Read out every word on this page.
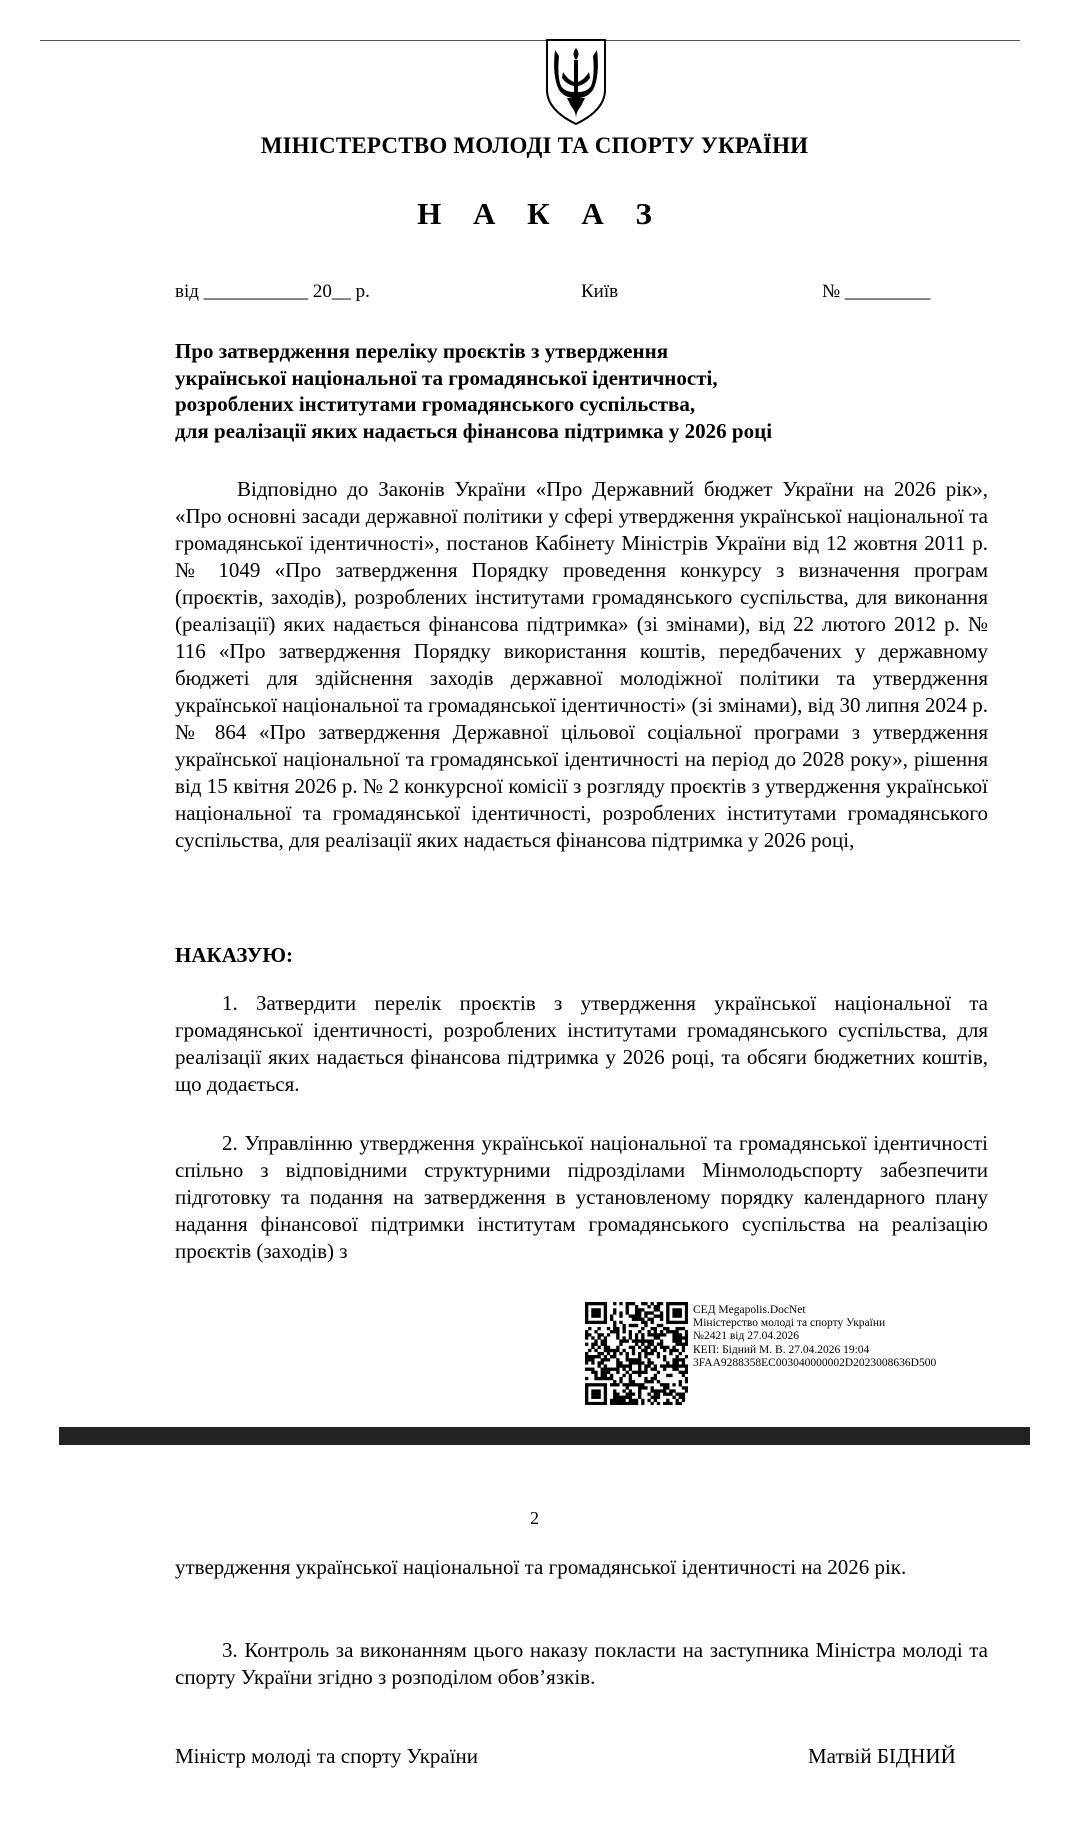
МІНІСТЕРСТВО МОЛОДІ ТА СПОРТУ УКРАЇНИ
Н А К А З
від ___________ 20__ р.	Київ	№ _________
Про затвердження переліку проєктів з утвердження
української національної та громадянської ідентичності,
розроблених інститутами громадянського суспільства,
для реалізації яких надається фінансова підтримка у 2026 році
Відповідно до Законів України «Про Державний бюджет України на 2026 рік», «Про основні засади державної політики у сфері утвердження української національної та громадянської ідентичності», постанов Кабінету Міністрів України від 12 жовтня 2011 р. № 1049 «Про затвердження Порядку проведення конкурсу з визначення програм (проєктів, заходів), розроблених інститутами громадянського суспільства, для виконання (реалізації) яких надається фінансова підтримка» (зі змінами), від 22 лютого 2012 р. № 116 «Про затвердження Порядку використання коштів, передбачених у державному бюджеті для здійснення заходів державної молодіжної політики та утвердження української національної та громадянської ідентичності» (зі змінами), від 30 липня 2024 р. № 864 «Про затвердження Державної цільової соціальної програми з утвердження української національної та громадянської ідентичності на період до 2028 року», рішення від 15 квітня 2026 р. № 2 конкурсної комісії з розгляду проєктів з утвердження української національної та громадянської ідентичності, розроблених інститутами громадянського суспільства, для реалізації яких надається фінансова підтримка у 2026 році,
НАКАЗУЮ:
1. Затвердити перелік проєктів з утвердження української національної та громадянської ідентичності, розроблених інститутами громадянського суспільства, для реалізації яких надається фінансова підтримка у 2026 році, та обсяги бюджетних коштів, що додається.
2. Управлінню утвердження української національної та громадянської ідентичності спільно з відповідними структурними підрозділами Мінмолодьспорту забезпечити підготовку та подання на затвердження в установленому порядку календарного плану надання фінансової підтримки інститутам громадянського суспільства на реалізацію проєктів (заходів) з
СЕД Megapolis.DocNet
Міністерство молоді та спорту України
№2421 від 27.04.2026
КЕП: Бідний М. В. 27.04.2026 19:04
3FAA9288358EC003040000002D2023008636D500
2
утвердження української національної та громадянської ідентичності на 2026 рік.
3. Контроль за виконанням цього наказу покласти на заступника Міністра молоді та спорту України згідно з розподілом обов’язків.
Міністр молоді та спорту України	Матвій БІДНИЙ
